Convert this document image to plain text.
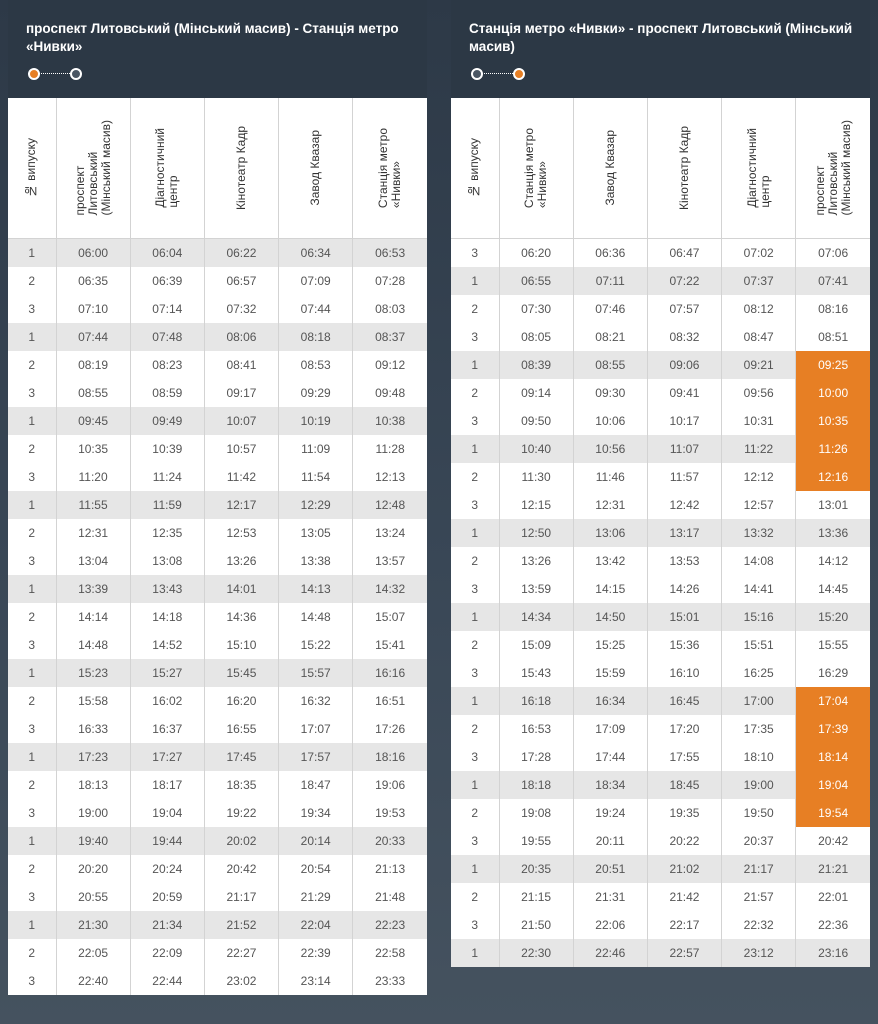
проспект Литовський (Мінський масив) - Станція метро «Нивки»
№ випуску	проспект
Литовський
(Мінський масив)	Діагностичний
центр	Кінотеатр Кадр	Завод Квазар	Станція метро
«Нивки»

1	06:00	06:04	06:22	06:34	06:53
2	06:35	06:39	06:57	07:09	07:28
3	07:10	07:14	07:32	07:44	08:03
1	07:44	07:48	08:06	08:18	08:37
2	08:19	08:23	08:41	08:53	09:12
3	08:55	08:59	09:17	09:29	09:48
1	09:45	09:49	10:07	10:19	10:38
2	10:35	10:39	10:57	11:09	11:28
3	11:20	11:24	11:42	11:54	12:13
1	11:55	11:59	12:17	12:29	12:48
2	12:31	12:35	12:53	13:05	13:24
3	13:04	13:08	13:26	13:38	13:57
1	13:39	13:43	14:01	14:13	14:32
2	14:14	14:18	14:36	14:48	15:07
3	14:48	14:52	15:10	15:22	15:41
1	15:23	15:27	15:45	15:57	16:16
2	15:58	16:02	16:20	16:32	16:51
3	16:33	16:37	16:55	17:07	17:26
1	17:23	17:27	17:45	17:57	18:16
2	18:13	18:17	18:35	18:47	19:06
3	19:00	19:04	19:22	19:34	19:53
1	19:40	19:44	20:02	20:14	20:33
2	20:20	20:24	20:42	20:54	21:13
3	20:55	20:59	21:17	21:29	21:48
1	21:30	21:34	21:52	22:04	22:23
2	22:05	22:09	22:27	22:39	22:58
3	22:40	22:44	23:02	23:14	23:33
Станція метро «Нивки» - проспект Литовський (Мінський масив)
№ випуску	Станція метро
«Нивки»	Завод Квазар	Кінотеатр Кадр	Діагностичний
центр	проспект
Литовський
(Мінський масив)

3	06:20	06:36	06:47	07:02	07:06
1	06:55	07:11	07:22	07:37	07:41
2	07:30	07:46	07:57	08:12	08:16
3	08:05	08:21	08:32	08:47	08:51
1	08:39	08:55	09:06	09:21	09:25
2	09:14	09:30	09:41	09:56	10:00
3	09:50	10:06	10:17	10:31	10:35
1	10:40	10:56	11:07	11:22	11:26
2	11:30	11:46	11:57	12:12	12:16
3	12:15	12:31	12:42	12:57	13:01
1	12:50	13:06	13:17	13:32	13:36
2	13:26	13:42	13:53	14:08	14:12
3	13:59	14:15	14:26	14:41	14:45
1	14:34	14:50	15:01	15:16	15:20
2	15:09	15:25	15:36	15:51	15:55
3	15:43	15:59	16:10	16:25	16:29
1	16:18	16:34	16:45	17:00	17:04
2	16:53	17:09	17:20	17:35	17:39
3	17:28	17:44	17:55	18:10	18:14
1	18:18	18:34	18:45	19:00	19:04
2	19:08	19:24	19:35	19:50	19:54
3	19:55	20:11	20:22	20:37	20:42
1	20:35	20:51	21:02	21:17	21:21
2	21:15	21:31	21:42	21:57	22:01
3	21:50	22:06	22:17	22:32	22:36
1	22:30	22:46	22:57	23:12	23:16
